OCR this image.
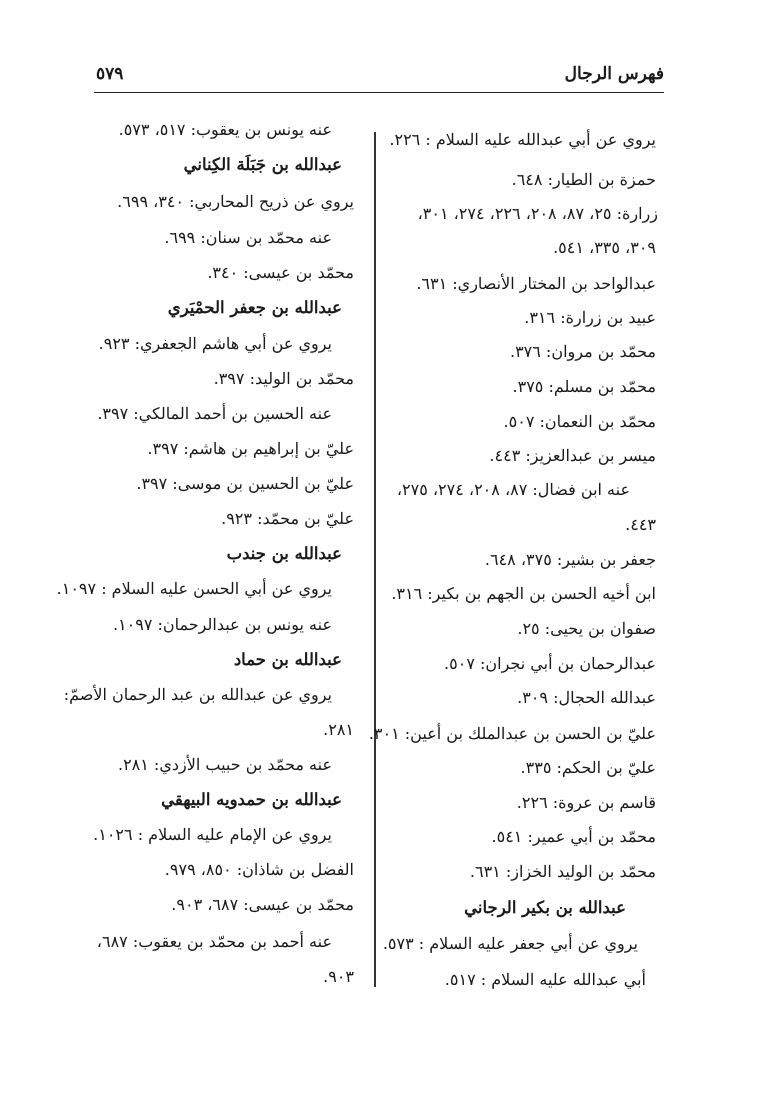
٥٧٩	فهرس الرجال
يروي عن أبي عبدالله عليه السلام : ٢٢٦.
حمزة بن الطيار: ٦٤٨.
زرارة: ٢٥، ٨٧، ٢٠٨، ٢٢٦، ٢٧٤، ٣٠١،
٣٠٩، ٣٣٥، ٥٤١.
عبدالواحد بن المختار الأنصاري: ٦٣١.
عبيد بن زرارة: ٣١٦.
محمّد بن مروان: ٣٧٦.
محمّد بن مسلم: ٣٧٥.
محمّد بن النعمان: ٥٠٧.
ميسر بن عبدالعزيز: ٤٤٣.
عنه ابن فضال: ٨٧، ٢٠٨، ٢٧٤، ٢٧٥،
٤٤٣.
جعفر بن بشير: ٣٧٥، ٦٤٨.
ابن أخيه الحسن بن الجهم بن بكير: ٣١٦.
صفوان بن يحيى: ٢٥.
عبدالرحمان بن أبي نجران: ٥٠٧.
عبدالله الحجال: ٣٠٩.
عليّ بن الحسن بن عبدالملك بن أعين: ٣٠١.
عليّ بن الحكم: ٣٣٥.
قاسم بن عروة: ٢٢٦.
محمّد بن أبي عمير: ٥٤١.
محمّد بن الوليد الخزاز: ٦٣١.
عبدالله بن بكير الرجاني
يروي عن أبي جعفر عليه السلام : ٥٧٣.
أبي عبدالله عليه السلام : ٥١٧.
عنه يونس بن يعقوب: ٥١٧، ٥٧٣.
عبدالله بن جَبَلَة الكِناني
يروي عن ذريح المحاربي: ٣٤٠، ٦٩٩.
عنه محمّد بن سنان: ٦٩٩.
محمّد بن عيسى: ٣٤٠.
عبدالله بن جعفر الحمْيَري
يروي عن أبي هاشم الجعفري: ٩٢٣.
محمّد بن الوليد: ٣٩٧.
عنه الحسين بن أحمد المالكي: ٣٩٧.
عليّ بن إبراهيم بن هاشم: ٣٩٧.
عليّ بن الحسين بن موسى: ٣٩٧.
عليّ بن محمّد: ٩٢٣.
عبدالله بن جندب
يروي عن أبي الحسن عليه السلام : ١٠٩٧.
عنه يونس بن عبدالرحمان: ١٠٩٧.
عبدالله بن حماد
يروي عن عبدالله بن عبد الرحمان الأصمّ:
٢٨١.
عنه محمّد بن حبيب الأزدي: ٢٨١.
عبدالله بن حمدويه البيهقي
يروي عن الإمام عليه السلام : ١٠٢٦.
الفضل بن شاذان: ٨٥٠، ٩٧٩.
محمّد بن عيسى: ٦٨٧، ٩٠٣.
عنه أحمد بن محمّد بن يعقوب: ٦٨٧،
٩٠٣.
